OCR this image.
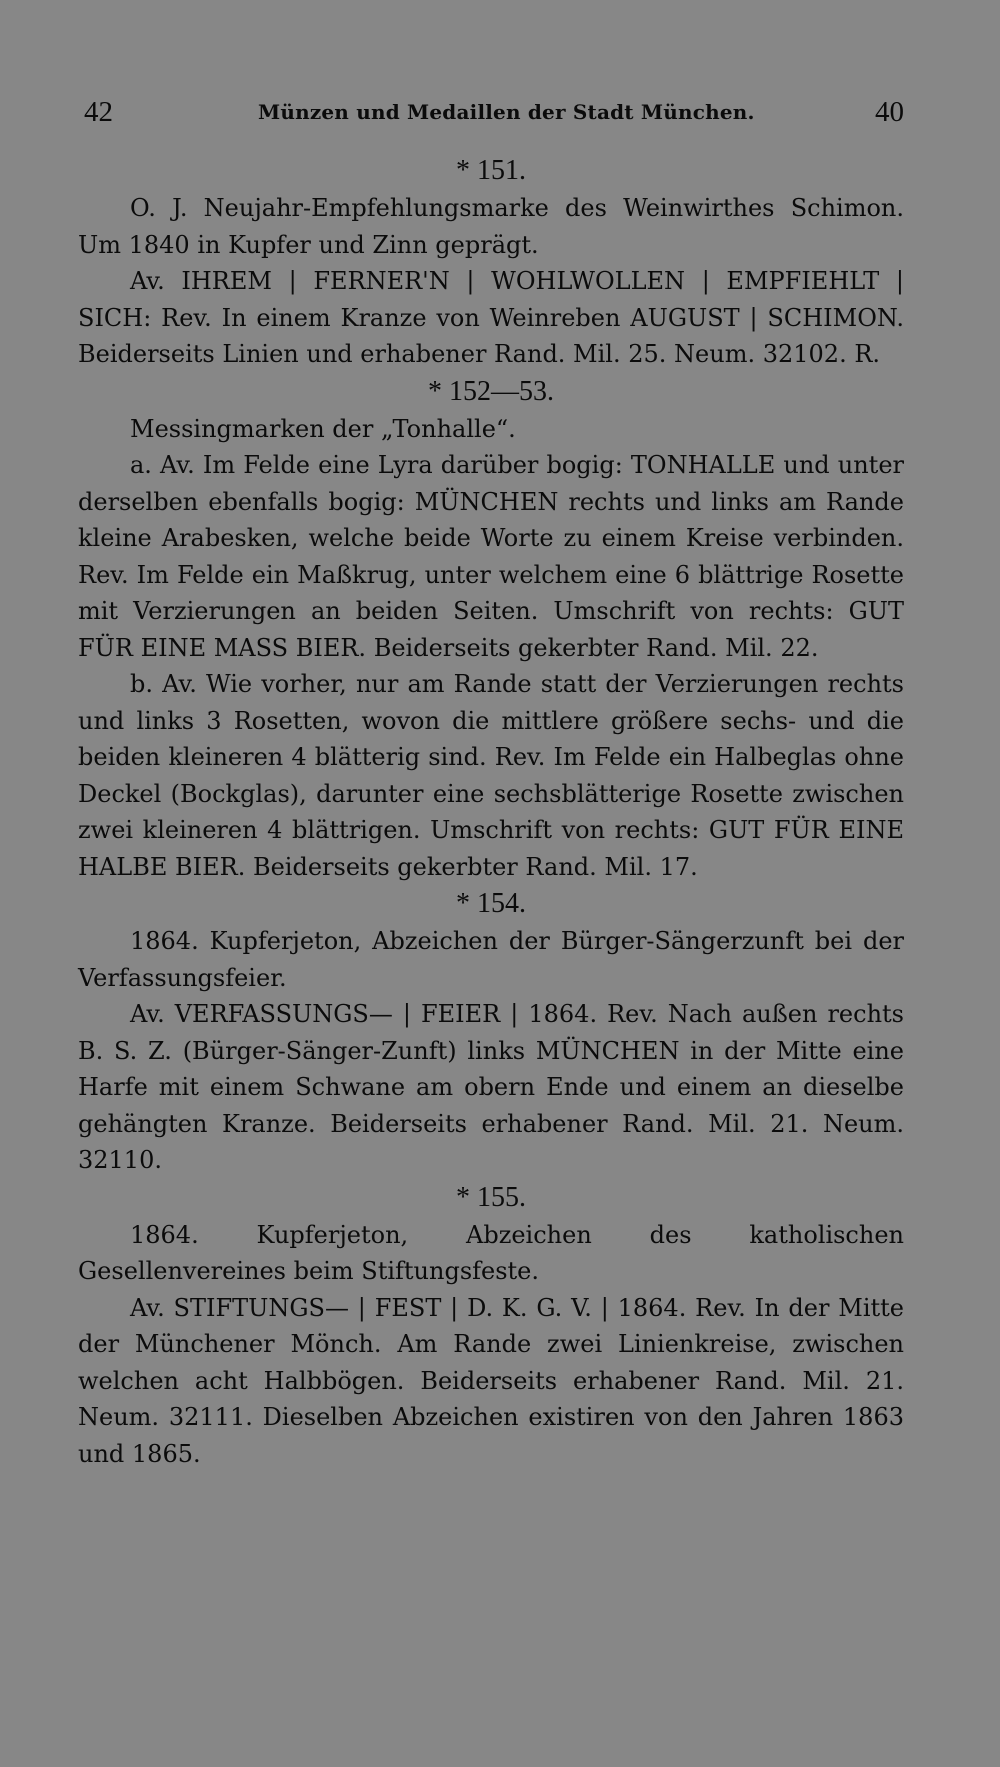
42	Münzen und Medaillen der Stadt München.	40
* 151.

O. J. Neujahr-Empfehlungsmarke des Weinwirthes Schimon. Um 1840 in Kupfer und Zinn geprägt.

Av. IHREM | FERNER'N | WOHLWOLLEN | EMPFIEHLT | SICH: Rev. In einem Kranze von Weinreben AUGUST | SCHIMON. Beiderseits Linien und erhabener Rand. Mil. 25. Neum. 32102. R.

* 152—53.

Messingmarken der „Tonhalle“.

a. Av. Im Felde eine Lyra darüber bogig: TONHALLE und unter derselben ebenfalls bogig: MÜNCHEN rechts und links am Rande kleine Arabesken, welche beide Worte zu einem Kreise verbinden. Rev. Im Felde ein Maßkrug, unter welchem eine 6 blättrige Rosette mit Verzierungen an beiden Seiten. Umschrift von rechts: GUT FÜR EINE MASS BIER. Beiderseits gekerbter Rand. Mil. 22.

b. Av. Wie vorher, nur am Rande statt der Verzierungen rechts und links 3 Rosetten, wovon die mittlere größere sechs- und die beiden kleineren 4 blätterig sind. Rev. Im Felde ein Halbeglas ohne Deckel (Bockglas), darunter eine sechsblätterige Rosette zwischen zwei kleineren 4 blättrigen. Umschrift von rechts: GUT FÜR EINE HALBE BIER. Beiderseits gekerbter Rand. Mil. 17.

* 154.

1864. Kupferjeton, Abzeichen der Bürger-Sängerzunft bei der Verfassungsfeier.

Av. VERFASSUNGS— | FEIER | 1864. Rev. Nach außen rechts B. S. Z. (Bürger-Sänger-Zunft) links MÜNCHEN in der Mitte eine Harfe mit einem Schwane am obern Ende und einem an dieselbe gehängten Kranze. Beiderseits erhabener Rand. Mil. 21. Neum. 32110.

* 155.

1864. Kupferjeton, Abzeichen des katholischen Gesellenvereines beim Stiftungsfeste.

Av. STIFTUNGS— | FEST | D. K. G. V. | 1864. Rev. In der Mitte der Münchener Mönch. Am Rande zwei Linienkreise, zwischen welchen acht Halbbögen. Beiderseits erhabener Rand. Mil. 21. Neum. 32111. Dieselben Abzeichen existiren von den Jahren 1863 und 1865.
